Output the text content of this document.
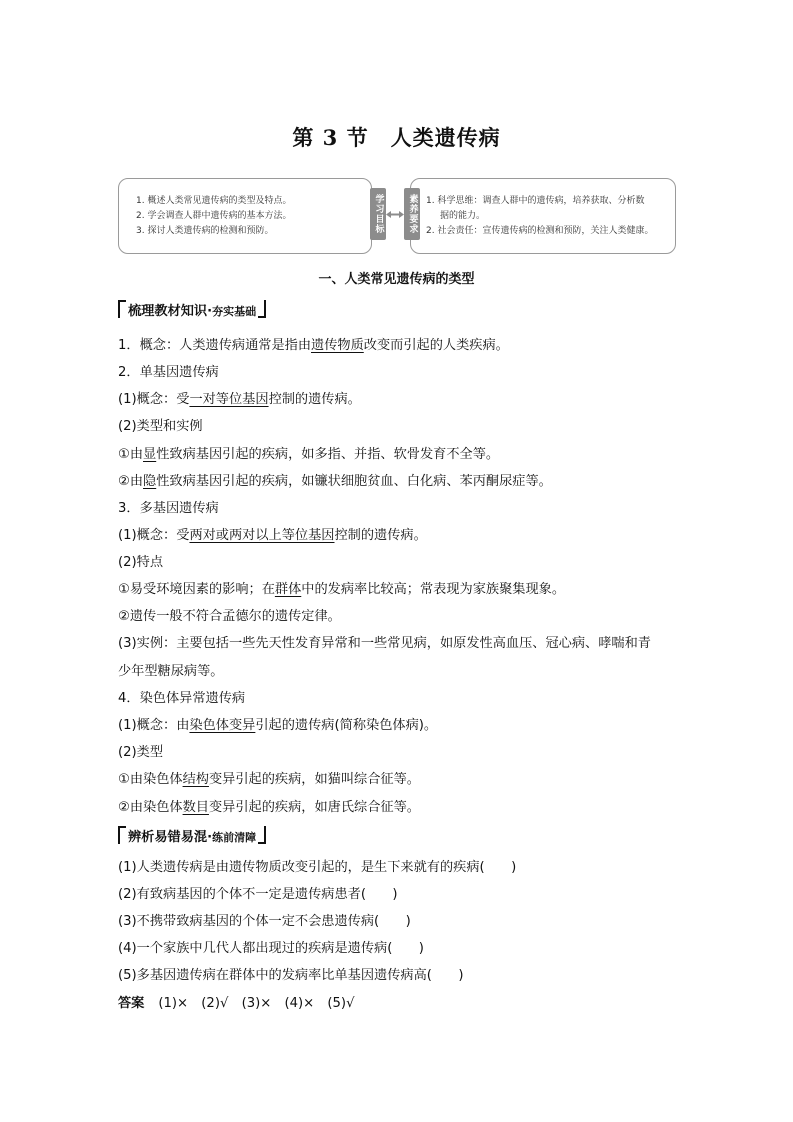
第 3 节 人类遗传病
1. 概述人类常见遗传病的类型及特点。
2. 学会调查人群中遗传病的基本方法。
3. 探讨人类遗传病的检测和预防。	学习目标	素养要求 1. 科学思维：调查人群中的遗传病，培养获取、分析数
据的能力。
2. 社会责任：宣传遗传病的检测和预防，关注人类健康。
一、人类常见遗传病的类型
梳理教材知识·夯实基础
1．概念：人类遗传病通常是指由遗传物质改变而引起的人类疾病。
2．单基因遗传病
(1)概念：受一对等位基因控制的遗传病。
(2)类型和实例
①由显性致病基因引起的疾病，如多指、并指、软骨发育不全等。
②由隐性致病基因引起的疾病，如镰状细胞贫血、白化病、苯丙酮尿症等。
3．多基因遗传病
(1)概念：受两对或两对以上等位基因控制的遗传病。
(2)特点
①易受环境因素的影响；在群体中的发病率比较高；常表现为家族聚集现象。
②遗传一般不符合孟德尔的遗传定律。
(3)实例：主要包括一些先天性发育异常和一些常见病，如原发性高血压、冠心病、哮喘和青
少年型糖尿病等。
4．染色体异常遗传病
(1)概念：由染色体变异引起的遗传病(简称染色体病)。
(2)类型
①由染色体结构变异引起的疾病，如猫叫综合征等。
②由染色体数目变异引起的疾病，如唐氏综合征等。
辨析易错易混·练前清障
(1)人类遗传病是由遗传物质改变引起的，是生下来就有的疾病(　　)
(2)有致病基因的个体不一定是遗传病患者(　　)
(3)不携带致病基因的个体一定不会患遗传病(　　)
(4)一个家族中几代人都出现过的疾病是遗传病(　　)
(5)多基因遗传病在群体中的发病率比单基因遗传病高(　　)
答案 (1)×　(2)√　(3)×　(4)×　(5)√
